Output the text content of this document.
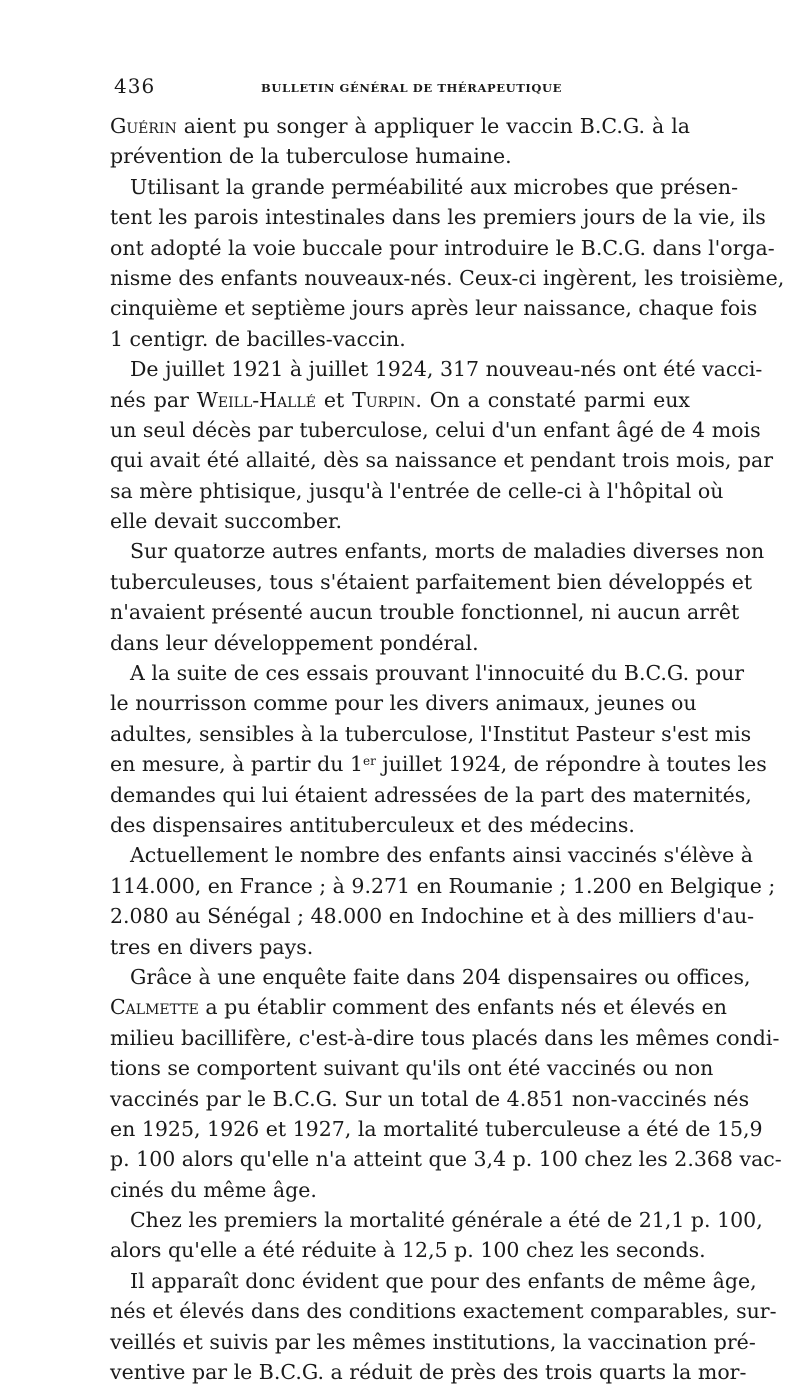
436	BULLETIN GÉNÉRAL DE THÉRAPEUTIQUE
Guérin aient pu songer à appliquer le vaccin B.C.G. à la
prévention de la tuberculose humaine.
Utilisant la grande perméabilité aux microbes que présen-
tent les parois intestinales dans les premiers jours de la vie, ils
ont adopté la voie buccale pour introduire le B.C.G. dans l'orga-
nisme des enfants nouveaux-nés. Ceux-ci ingèrent, les troisième,
cinquième et septième jours après leur naissance, chaque fois
1 centigr. de bacilles-vaccin.
De juillet 1921 à juillet 1924, 317 nouveau-nés ont été vacci-
nés par Weill-Hallé et Turpin. On a constaté parmi eux
un seul décès par tuberculose, celui d'un enfant âgé de 4 mois
qui avait été allaité, dès sa naissance et pendant trois mois, par
sa mère phtisique, jusqu'à l'entrée de celle-ci à l'hôpital où
elle devait succomber.
Sur quatorze autres enfants, morts de maladies diverses non
tuberculeuses, tous s'étaient parfaitement bien développés et
n'avaient présenté aucun trouble fonctionnel, ni aucun arrêt
dans leur développement pondéral.
A la suite de ces essais prouvant l'innocuité du B.C.G. pour
le nourrisson comme pour les divers animaux, jeunes ou
adultes, sensibles à la tuberculose, l'Institut Pasteur s'est mis
en mesure, à partir du 1er juillet 1924, de répondre à toutes les
demandes qui lui étaient adressées de la part des maternités,
des dispensaires antituberculeux et des médecins.
Actuellement le nombre des enfants ainsi vaccinés s'élève à
114.000, en France ; à 9.271 en Roumanie ; 1.200 en Belgique ;
2.080 au Sénégal ; 48.000 en Indochine et à des milliers d'au-
tres en divers pays.
Grâce à une enquête faite dans 204 dispensaires ou offices,
Calmette a pu établir comment des enfants nés et élevés en
milieu bacillifère, c'est-à-dire tous placés dans les mêmes condi-
tions se comportent suivant qu'ils ont été vaccinés ou non
vaccinés par le B.C.G. Sur un total de 4.851 non-vaccinés nés
en 1925, 1926 et 1927, la mortalité tuberculeuse a été de 15,9
p. 100 alors qu'elle n'a atteint que 3,4 p. 100 chez les 2.368 vac-
cinés du même âge.
Chez les premiers la mortalité générale a été de 21,1 p. 100,
alors qu'elle a été réduite à 12,5 p. 100 chez les seconds.
Il apparaît donc évident que pour des enfants de même âge,
nés et élevés dans des conditions exactement comparables, sur-
veillés et suivis par les mêmes institutions, la vaccination pré-
ventive par le B.C.G. a réduit de près des trois quarts la mor-
